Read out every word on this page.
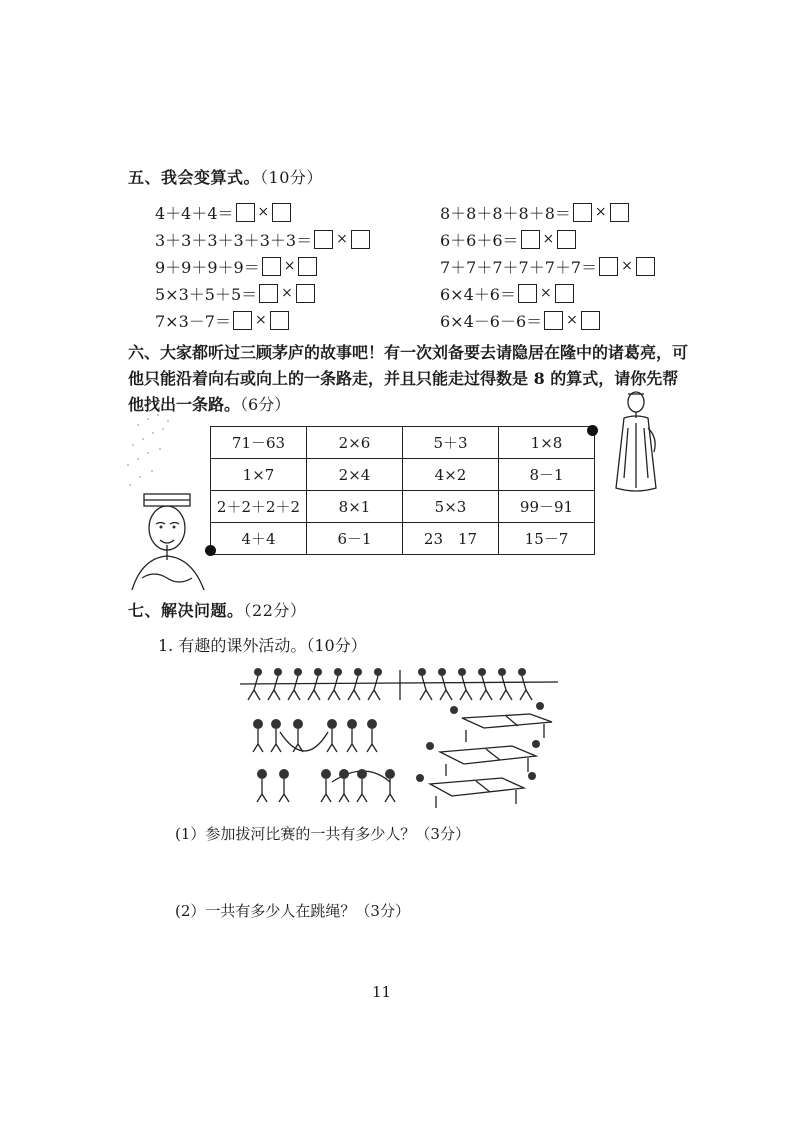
五、我会变算式。（10分）
4＋4＋4＝ ×
3＋3＋3＋3＋3＋3＝ ×
9＋9＋9＋9＝ ×
5×3＋5＋5＝ ×
7×3－7＝ ×
8＋8＋8＋8＋8＝ ×
6＋6＋6＝ ×
7＋7＋7＋7＋7＋7＝ ×
6×4＋6＝ ×
6×4－6－6＝ ×
六、大家都听过三顾茅庐的故事吧！有一次刘备要去请隐居在隆中的诸葛亮，可
他只能沿着向右或向上的一条路走，并且只能走过得数是 8 的算式，请你先帮
他找出一条路。（6分）
71－63	2×6	5＋3	1×8
1×7	2×4	4×2	8－1
2＋2＋2＋2	8×1	5×3	99－91
4＋4	6－1	23　17	15－7
七、解决问题。（22分）
1. 有趣的课外活动。（10分）
(1）参加拔河比赛的一共有多少人？（3分）
(2）一共有多少人在跳绳？（3分）
11
